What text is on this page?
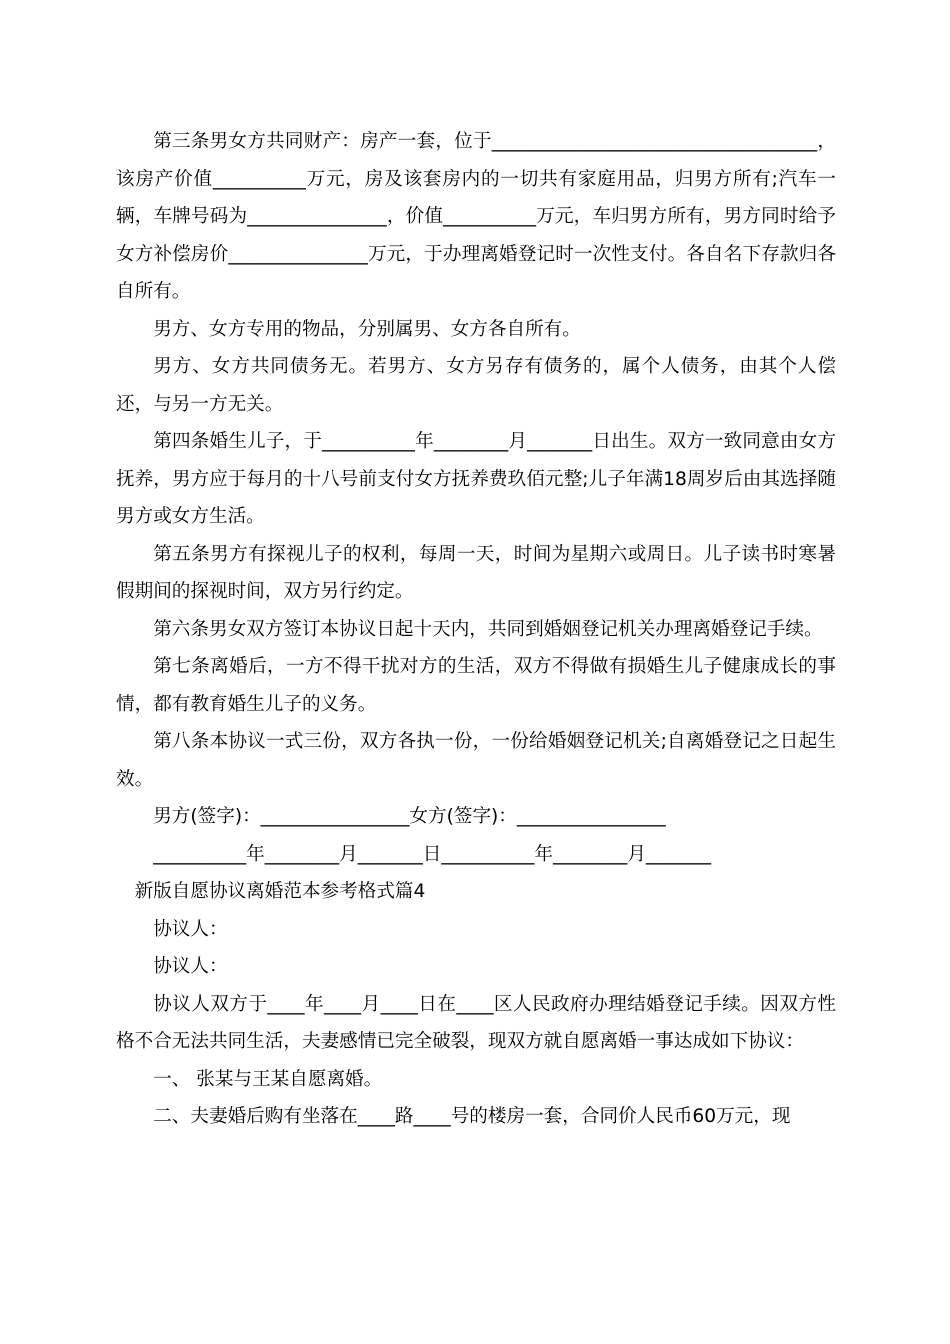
第三条男女方共同财产：房产一套，位于___________________________________，该房产价值__________万元，房及该套房内的一切共有家庭用品，归男方所有;汽车一辆，车牌号码为_______________，价值__________万元，车归男方所有，男方同时给予女方补偿房价_______________万元，于办理离婚登记时一次性支付。各自名下存款归各自所有。

男方、女方专用的物品，分别属男、女方各自所有。

男方、女方共同债务无。若男方、女方另存有债务的，属个人债务，由其个人偿还，与另一方无关。

第四条婚生儿子，于__________年________月_______日出生。双方一致同意由女方抚养，男方应于每月的十八号前支付女方抚养费玖佰元整;儿子年满18周岁后由其选择随男方或女方生活。

第五条男方有探视儿子的权利，每周一天，时间为星期六或周日。儿子读书时寒暑假期间的探视时间，双方另行约定。

第六条男女双方签订本协议日起十天内，共同到婚姻登记机关办理离婚登记手续。

第七条离婚后，一方不得干扰对方的生活，双方不得做有损婚生儿子健康成长的事情，都有教育婚生儿子的义务。

第八条本协议一式三份，双方各执一份，一份给婚姻登记机关;自离婚登记之日起生效。

男方(签字)：________________女方(签字)：________________

__________年________月_______日__________年________月_______

新版自愿协议离婚范本参考格式篇4

协议人：

协议人：

协议人双方于____年____月____日在____区人民政府办理结婚登记手续。因双方性格不合无法共同生活，夫妻感情已完全破裂，现双方就自愿离婚一事达成如下协议：

一、 张某与王某自愿离婚。

二、夫妻婚后购有坐落在____路____号的楼房一套，合同价人民币60万元，现
